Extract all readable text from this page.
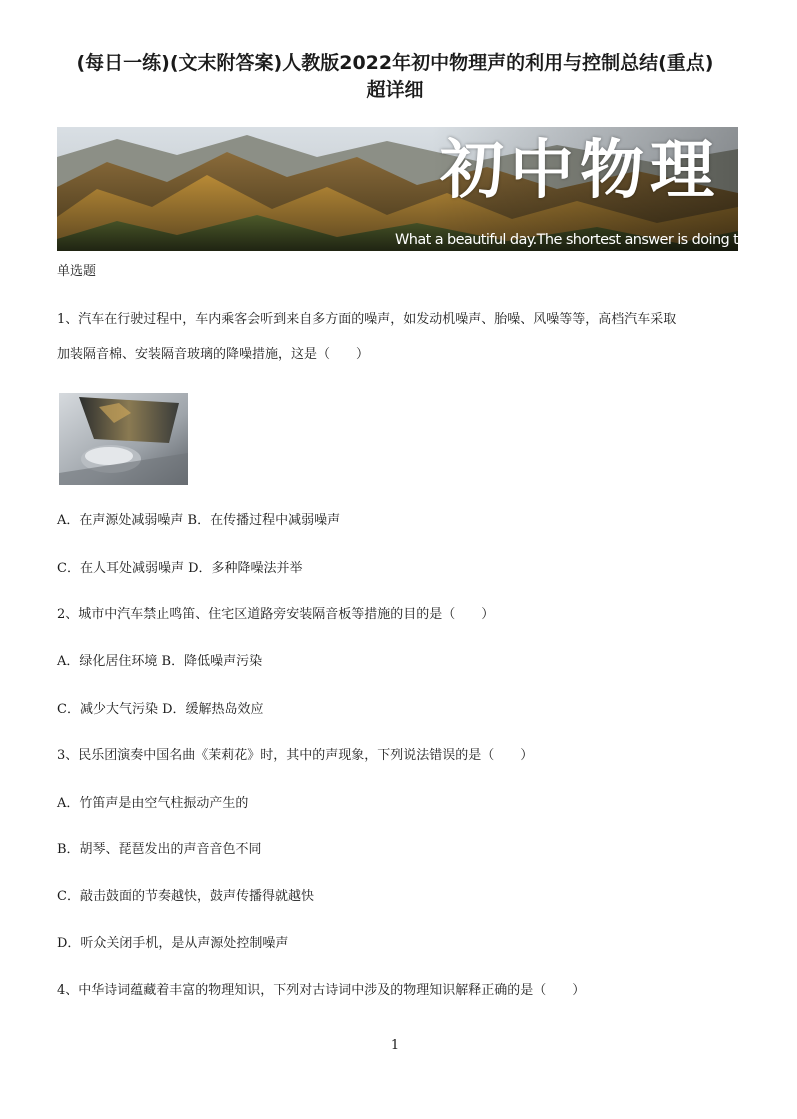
(每日一练)(文末附答案)人教版2022年初中物理声的利用与控制总结(重点)
超详细
初中物理
What a beautiful day.The shortest answer is doing the thing.
单选题
1、汽车在行驶过程中，车内乘客会听到来自多方面的噪声，如发动机噪声、胎噪、风噪等等，高档汽车采取
加装隔音棉、安装隔音玻璃的降噪措施，这是（　　）
A．在声源处减弱噪声 B．在传播过程中减弱噪声
C．在人耳处减弱噪声 D．多种降噪法并举
2、城市中汽车禁止鸣笛、住宅区道路旁安装隔音板等措施的目的是（　　）
A．绿化居住环境 B．降低噪声污染
C．减少大气污染 D．缓解热岛效应
3、民乐团演奏中国名曲《茉莉花》时，其中的声现象，下列说法错误的是（　　）
A．竹笛声是由空气柱振动产生的
B．胡琴、琵琶发出的声音音色不同
C．敲击鼓面的节奏越快，鼓声传播得就越快
D．听众关闭手机，是从声源处控制噪声
4、中华诗词蕴藏着丰富的物理知识，下列对古诗词中涉及的物理知识解释正确的是（　　）
1
